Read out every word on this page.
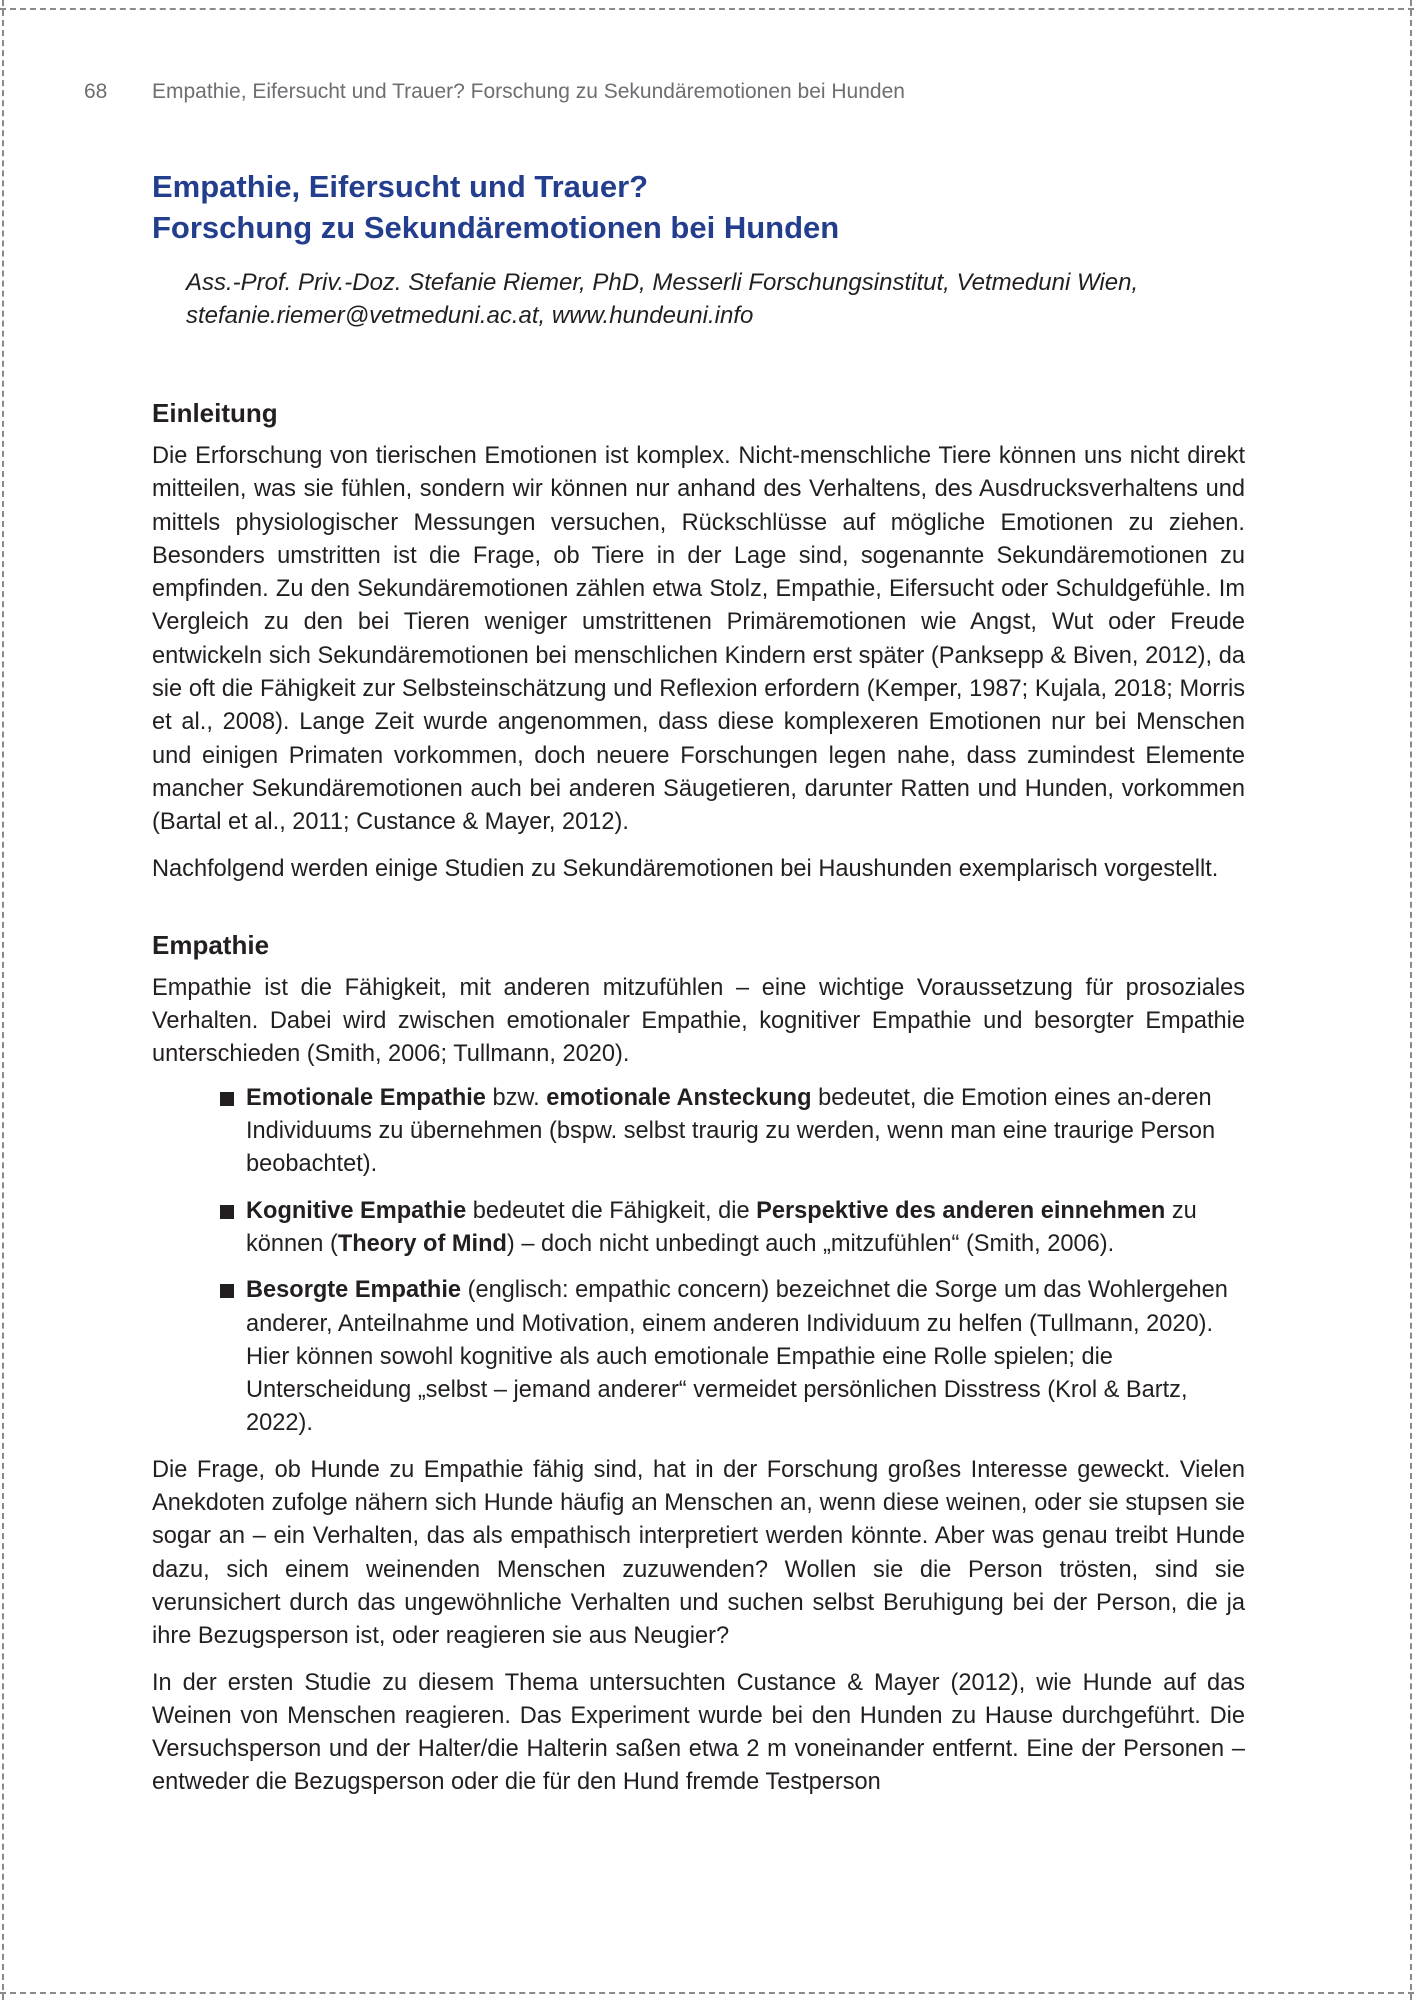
68 Empathie, Eifersucht und Trauer? Forschung zu Sekundäremotionen bei Hunden
Empathie, Eifersucht und Trauer?
Forschung zu Sekundäremotionen bei Hunden
Ass.-Prof. Priv.-Doz. Stefanie Riemer, PhD, Messerli Forschungsinstitut, Vetmeduni Wien,
stefanie.riemer@vetmeduni.ac.at, www.hundeuni.info
Einleitung

Die Erforschung von tierischen Emotionen ist komplex. Nicht-menschliche Tiere können uns nicht direkt mitteilen, was sie fühlen, sondern wir können nur anhand des Verhaltens, des Ausdrucksverhaltens und mittels physiologischer Messungen versuchen, Rückschlüsse auf mögliche Emotionen zu ziehen. Besonders umstritten ist die Frage, ob Tiere in der Lage sind, sogenannte Sekundäremotionen zu empfinden. Zu den Sekundäremotionen zählen etwa Stolz, Empathie, Eifersucht oder Schuldgefühle. Im Vergleich zu den bei Tieren weniger umstrittenen Primäremotionen wie Angst, Wut oder Freude entwickeln sich Sekundäremotionen bei menschlichen Kindern erst später (Panksepp & Biven, 2012), da sie oft die Fähigkeit zur Selbsteinschätzung und Reflexion erfordern (Kemper, 1987; Kujala, 2018; Morris et al., 2008). Lange Zeit wurde angenommen, dass diese komplexeren Emotionen nur bei Menschen und einigen Primaten vorkommen, doch neuere Forschungen legen nahe, dass zumindest Elemente mancher Sekundäremotionen auch bei anderen Säugetieren, darunter Ratten und Hunden, vorkommen (Bartal et al., 2011; Custance & Mayer, 2012).

Nachfolgend werden einige Studien zu Sekundäremotionen bei Haushunden exemplarisch vorgestellt.

Empathie

Empathie ist die Fähigkeit, mit anderen mitzufühlen – eine wichtige Voraussetzung für prosoziales Verhalten. Dabei wird zwischen emotionaler Empathie, kognitiver Empathie und besorgter Empathie unterschieden (Smith, 2006; Tullmann, 2020).

Emotionale Empathie bzw. emotionale Ansteckung bedeutet, die Emotion eines an-deren Individuums zu übernehmen (bspw. selbst traurig zu werden, wenn man eine traurige Person beobachtet).
Kognitive Empathie bedeutet die Fähigkeit, die Perspektive des anderen einnehmen zu können (Theory of Mind) – doch nicht unbedingt auch „mitzufühlen“ (Smith, 2006).
Besorgte Empathie (englisch: empathic concern) bezeichnet die Sorge um das Wohlergehen anderer, Anteilnahme und Motivation, einem anderen Individuum zu helfen (Tullmann, 2020). Hier können sowohl kognitive als auch emotionale Empathie eine Rolle spielen; die Unterscheidung „selbst – jemand anderer“ vermeidet persönlichen Disstress (Krol & Bartz, 2022).

Die Frage, ob Hunde zu Empathie fähig sind, hat in der Forschung großes Interesse geweckt. Vielen Anekdoten zufolge nähern sich Hunde häufig an Menschen an, wenn diese weinen, oder sie stupsen sie sogar an – ein Verhalten, das als empathisch interpretiert werden könnte. Aber was genau treibt Hunde dazu, sich einem weinenden Menschen zuzuwenden? Wollen sie die Person trösten, sind sie verunsichert durch das ungewöhnliche Verhalten und suchen selbst Beruhigung bei der Person, die ja ihre Bezugsperson ist, oder reagieren sie aus Neugier?

In der ersten Studie zu diesem Thema untersuchten Custance & Mayer (2012), wie Hunde auf das Weinen von Menschen reagieren. Das Experiment wurde bei den Hunden zu Hause durchgeführt. Die Versuchsperson und der Halter/die Halterin saßen etwa 2 m voneinander entfernt. Eine der Personen – entweder die Bezugsperson oder die für den Hund fremde Testperson
